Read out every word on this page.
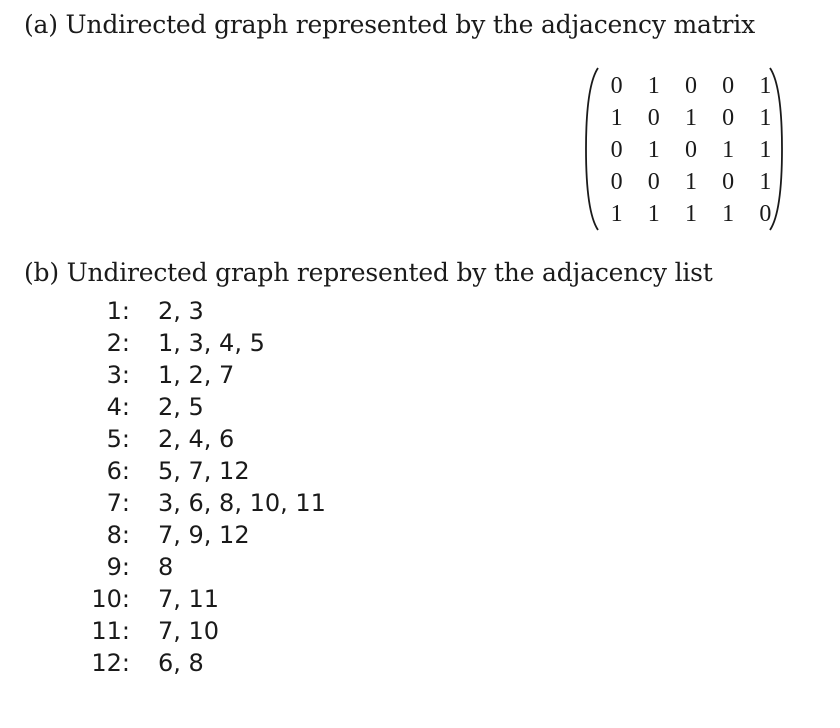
(a) Undirected graph represented by the adjacency matrix
0	1	0	0	1
1	0	1	0	1
0	1	0	1	1
0	0	1	0	1
1	1	1	1	0
(b) Undirected graph represented by the adjacency list
1: 2, 3
2: 1, 3, 4, 5
3: 1, 2, 7
4: 2, 5
5: 2, 4, 6
6: 5, 7, 12
7: 3, 6, 8, 10, 11
8: 7, 9, 12
9: 8
10: 7, 11
11: 7, 10
12: 6, 8
